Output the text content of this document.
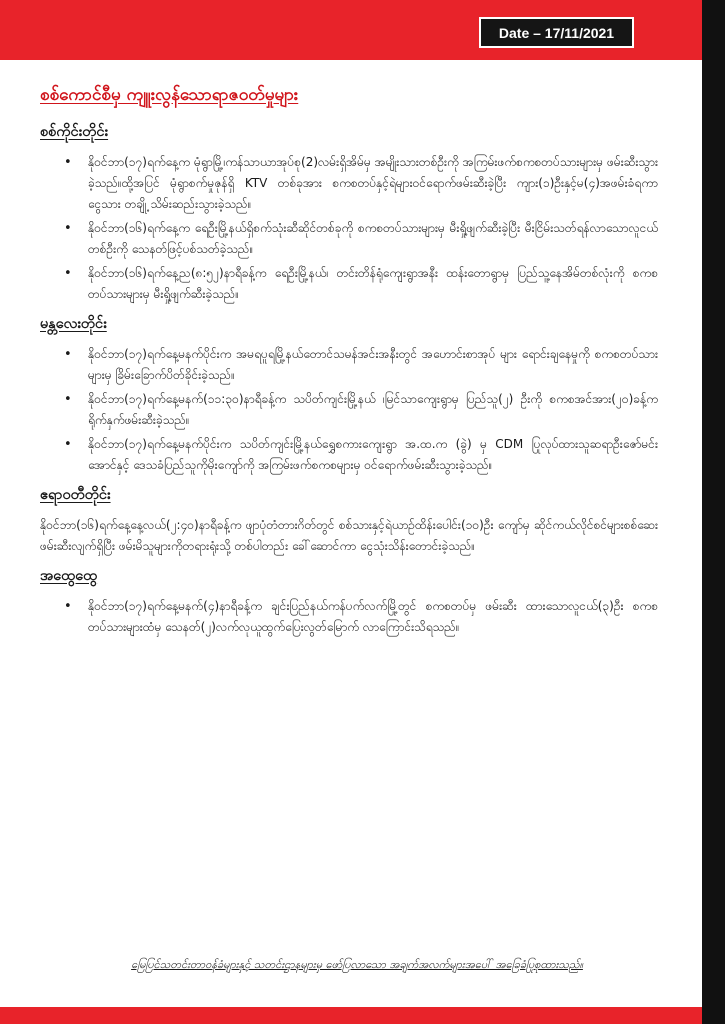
Date – 17/11/2021
စစ်ကောင်စီမှ ကျူးလွန်သောရာဇဝတ်မှုများ
စစ်ကိုင်းတိုင်း
• နိုဝင်ဘာ(၁၇)ရက်နေ့က မုံရွာမြို့၊ကန်သာယာအုပ်စု(2)လမ်းရှိအိမ်မှ အမျိုးသားတစ်ဦးကို အကြမ်းဖက်စကစတပ်သားများမှ ဖမ်းဆီးသွားခဲ့သည်။ထို့အပြင် မုံရွာစက်မှုဇုန်ရှိ KTV တစ်ခုအား စကစတပ်နှင့်ရဲများဝင်ရောက်ဖမ်းဆီးခဲ့ပြီး ကျား(၁)ဦးနှင့်မ(၄)အဖမ်းခံရကာ ငွေသား တချို့ သိမ်းဆည်းသွားခဲ့သည်။
• နိုဝင်ဘာ(၁၆)ရက်နေ့က ရေဦးမြို့နယ်ရှိစက်သုံးဆီဆိုင်တစ်ခုကို စကစတပ်သားများမှ မီးရှို့ဖျက်ဆီးခဲ့ပြီး မီးငြိမ်းသတ်ရန်လာသောလူငယ်တစ်ဦးကို သေနတ်ဖြင့်ပစ်သတ်ခဲ့သည်။
• နိုဝင်ဘာ(၁၆)ရက်နေ့ည(၈:၅၂)နာရီခန့်က ရေဦးမြို့နယ်၊ တင်းတိန်ရုံကျေးရွာအနီး ထန်းတောရွာမှ ပြည်သူ့နေအိမ်တစ်လုံးကို စကစတပ်သားများမှ မီးရှို့ဖျက်ဆီးခဲ့သည်။
မန္တလေးတိုင်း
• နိုဝင်ဘာ(၁၇)ရက်နေ့မနက်ပိုင်းက အမရပူရမြို့နယ်တောင်သမန်အင်းအနီးတွင် အဟောင်းစာအုပ် များ ရောင်းချနေမှုကို စကစတပ်သားများမှ ခြိမ်းခြောက်ပိတ်ခိုင်းခဲ့သည်။
• နိုဝင်ဘာ(၁၇)ရက်နေ့မနက်(၁၁:၃၀)နာရီခန့်က သပိတ်ကျင်းမြို့နယ် ၊မြင်သာကျေးရွာမှ ပြည်သူ(၂) ဦးကို စကစအင်အား(၂၀)ခန့်က ရိုက်နှက်ဖမ်းဆီးခဲ့သည်။
• နိုဝင်ဘာ(၁၇)ရက်နေ့မနက်ပိုင်းက သပိတ်ကျင်းမြို့နယ်ရွှေစကားကျေးရွာ အ.ထ.က (ခွဲ) မှ CDM ပြုလုပ်ထားသူဆရာဦးဇော်မင်းအောင်နှင့် ဒေသခံပြည်သူကိုမိုးကျော်ကို အကြမ်းဖက်စကစများမှ ဝင်ရောက်ဖမ်းဆီးသွားခဲ့သည်။
ဧရာဝတီတိုင်း

နိုဝင်ဘာ(၁၆)ရက်နေ့နေ့လယ်(၂:၄၀)နာရီခန့်က ဖျာပုံတံတားဂိတ်တွင် စစ်သားနှင့်ရဲယာဉ်ထိန်းပေါင်း(၁၀)ဦး ကျော်မှ ဆိုင်ကယ်လိုင်စင်များစစ်ဆေးဖမ်းဆီးလျက်ရှိပြီး ဖမ်းမိသူများကိုတရားရုံးသို့ တစ်ပါတည်း ခေါ်ဆောင်ကာ ငွေသုံးသိန်းတောင်းခဲ့သည်။

အထွေထွေ
• နိုဝင်ဘာ(၁၇)ရက်နေ့မနက်(၄)နာရီခန့်က ချင်းပြည်နယ်ကန်ပက်လက်မြို့တွင် စကစတပ်မှ ဖမ်းဆီး ထားသောလူငယ်(၃)ဦး စကစတပ်သားများထံမှ သေနတ်(၂)လက်လုယူထွက်ပြေးလွတ်မြောက် လာကြောင်းသိရသည်။
မြေပြင်သတင်းတာဝန်ခံများနှင့် သတင်းဌာနများမှ ဖော်ပြလာသော အချက်အလက်များအပေါ် အခြေခံပြုစုထားသည်။
